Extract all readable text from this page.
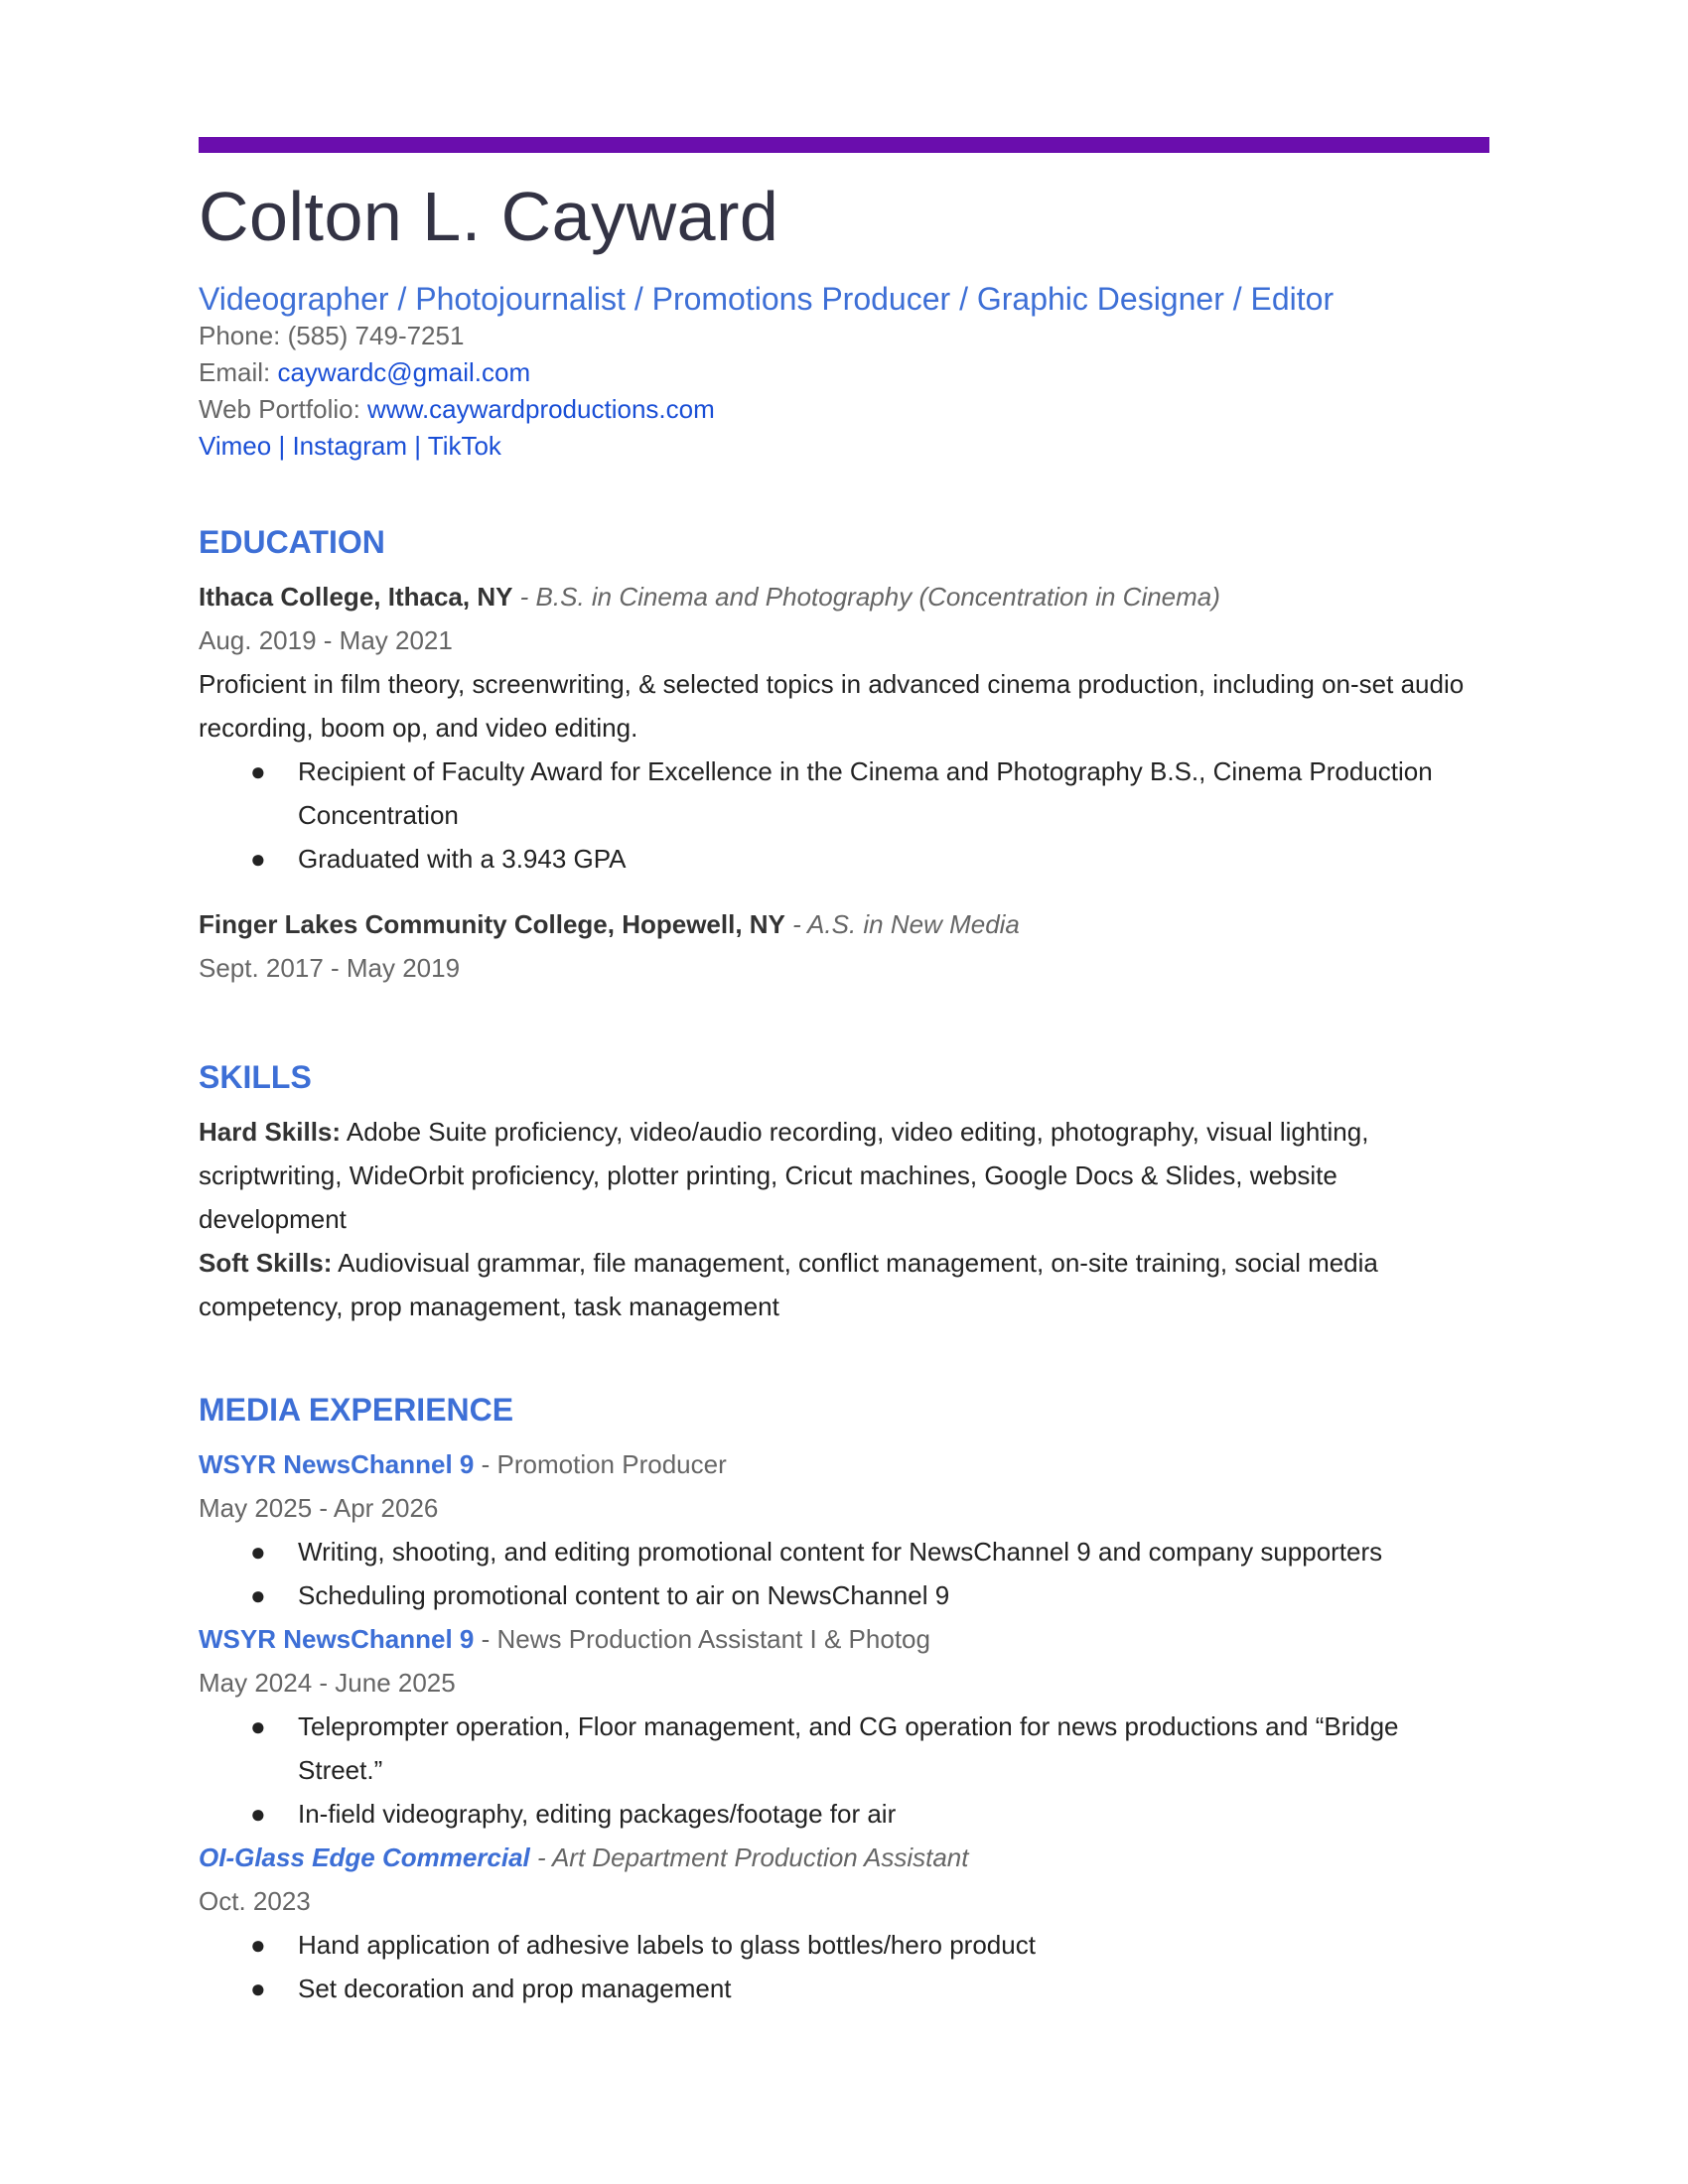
Colton L. Cayward
Videographer / Photojournalist / Promotions Producer / Graphic Designer / Editor
Phone: (585) 749-7251
Email: caywardc@gmail.com
Web Portfolio: www.caywardproductions.com
Vimeo | Instagram | TikTok
EDUCATION
Ithaca College, Ithaca, NY - B.S. in Cinema and Photography (Concentration in Cinema)
Aug. 2019 - May 2021
Proficient in film theory, screenwriting, & selected topics in advanced cinema production, including on-set audio recording, boom op, and video editing.
● Recipient of Faculty Award for Excellence in the Cinema and Photography B.S., Cinema Production Concentration
● Graduated with a 3.943 GPA
Finger Lakes Community College, Hopewell, NY - A.S. in New Media
Sept. 2017 - May 2019
SKILLS
Hard Skills: Adobe Suite proficiency, video/audio recording, video editing, photography, visual lighting, scriptwriting, WideOrbit proficiency, plotter printing, Cricut machines, Google Docs & Slides, website development
Soft Skills: Audiovisual grammar, file management, conflict management, on-site training, social media competency, prop management, task management
MEDIA EXPERIENCE
WSYR NewsChannel 9 - Promotion Producer
May 2025 - Apr 2026
● Writing, shooting, and editing promotional content for NewsChannel 9 and company supporters
● Scheduling promotional content to air on NewsChannel 9
WSYR NewsChannel 9 - News Production Assistant I & Photog
May 2024 - June 2025
● Teleprompter operation, Floor management, and CG operation for news productions and “Bridge Street.”
● In-field videography, editing packages/footage for air
OI-Glass Edge Commercial - Art Department Production Assistant
Oct. 2023
● Hand application of adhesive labels to glass bottles/hero product
● Set decoration and prop management
